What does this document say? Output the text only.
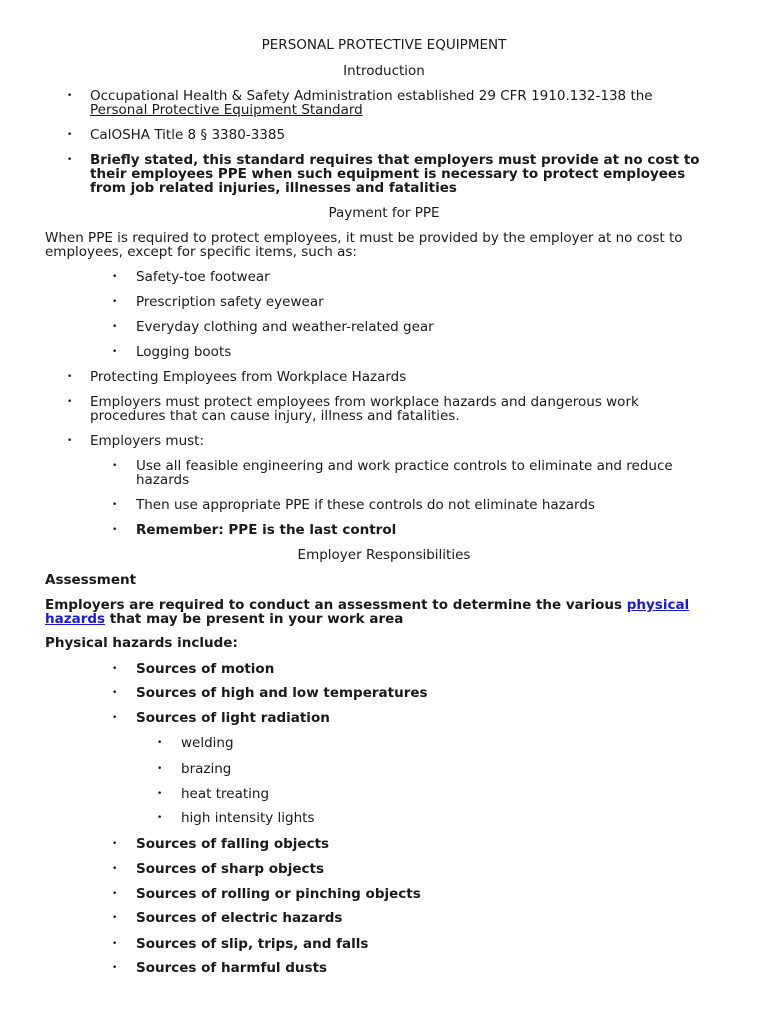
PERSONAL PROTECTIVE EQUIPMENT
Introduction
• Occupational Health & Safety Administration established 29 CFR 1910.132-138 the
Personal Protective Equipment Standard
• CalOSHA Title 8 § 3380-3385
• Briefly stated, this standard requires that employers must provide at no cost to
their employees PPE when such equipment is necessary to protect employees
from job related injuries, illnesses and fatalities
Payment for PPE
When PPE is required to protect employees, it must be provided by the employer at no cost to
employees, except for specific items, such as:
• Safety-toe footwear
• Prescription safety eyewear
• Everyday clothing and weather-related gear
• Logging boots
• Protecting Employees from Workplace Hazards
• Employers must protect employees from workplace hazards and dangerous work
procedures that can cause injury, illness and fatalities.
• Employers must:
• Use all feasible engineering and work practice controls to eliminate and reduce
hazards
• Then use appropriate PPE if these controls do not eliminate hazards
• Remember: PPE is the last control
Employer Responsibilities
Assessment
Employers are required to conduct an assessment to determine the various physical
hazards that may be present in your work area
Physical hazards include:
• Sources of motion
• Sources of high and low temperatures
• Sources of light radiation
• welding
• brazing
• heat treating
• high intensity lights
• Sources of falling objects
• Sources of sharp objects
• Sources of rolling or pinching objects
• Sources of electric hazards
• Sources of slip, trips, and falls
• Sources of harmful dusts
